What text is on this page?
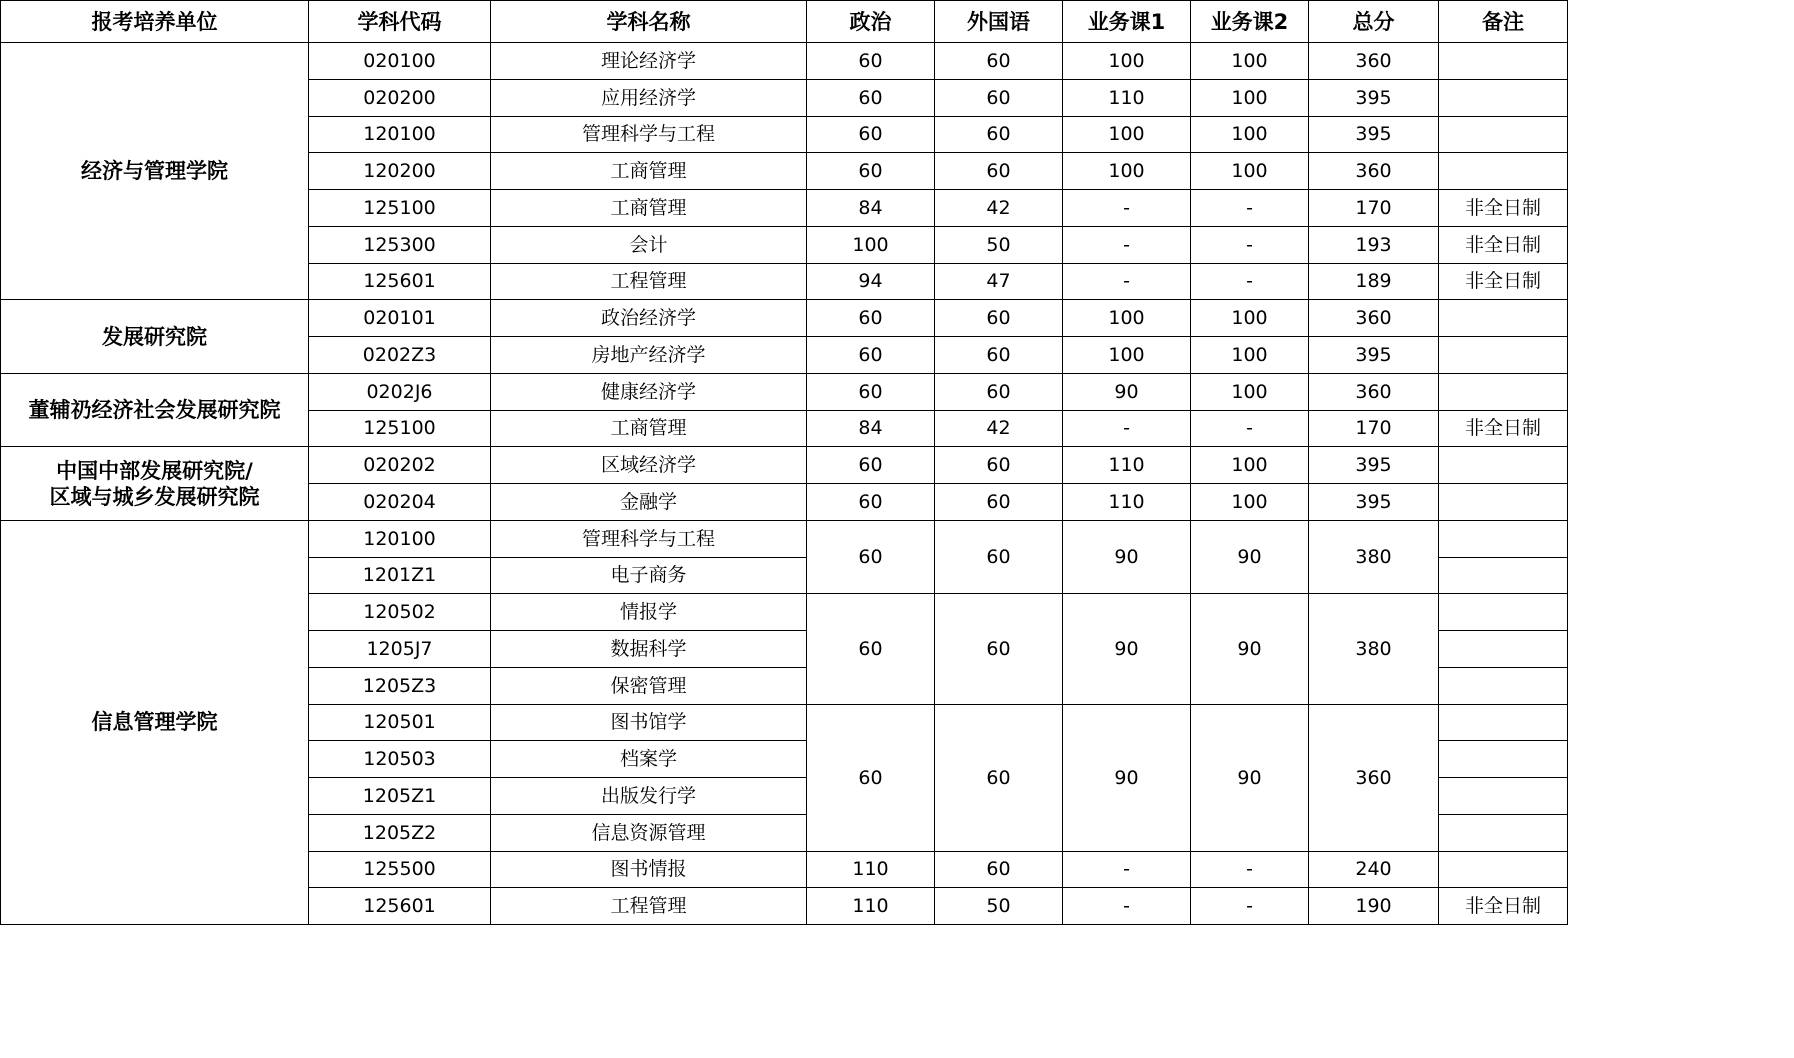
报考培养单位	学科代码	学科名称	政治	外国语	业务课1	业务课2	总分	备注

经济与管理学院	020100	理论经济学	60	60	100	100	360	
	020200	应用经济学	60	60	110	100	395	
	120100	管理科学与工程	60	60	100	100	395	
	120200	工商管理	60	60	100	100	360	
	125100	工商管理	84	42	-	-	170	非全日制
	125300	会计	100	50	-	-	193	非全日制
	125601	工程管理	94	47	-	-	189	非全日制

发展研究院	020101	政治经济学	60	60	100	100	360	
	0202Z3	房地产经济学	60	60	100	100	395	

董辅礽经济社会发展研究院	0202J6	健康经济学	60	60	90	100	360	
	125100	工商管理	84	42	-	-	170	非全日制

中国中部发展研究院/
区域与城乡发展研究院	020202	区域经济学	60	60	110	100	395	
	020204	金融学	60	60	110	100	395	

信息管理学院	120100	管理科学与工程	60	60	90	90	380	
	1201Z1	电子商务						
	120502	情报学	60	60	90	90	380	
	1205J7	数据科学						
	1205Z3	保密管理						
	120501	图书馆学	60	60	90	90	360	
	120503	档案学						
	1205Z1	出版发行学						
	1205Z2	信息资源管理						
	125500	图书情报	110	60	-	-	240	
	125601	工程管理	110	50	-	-	190	非全日制
